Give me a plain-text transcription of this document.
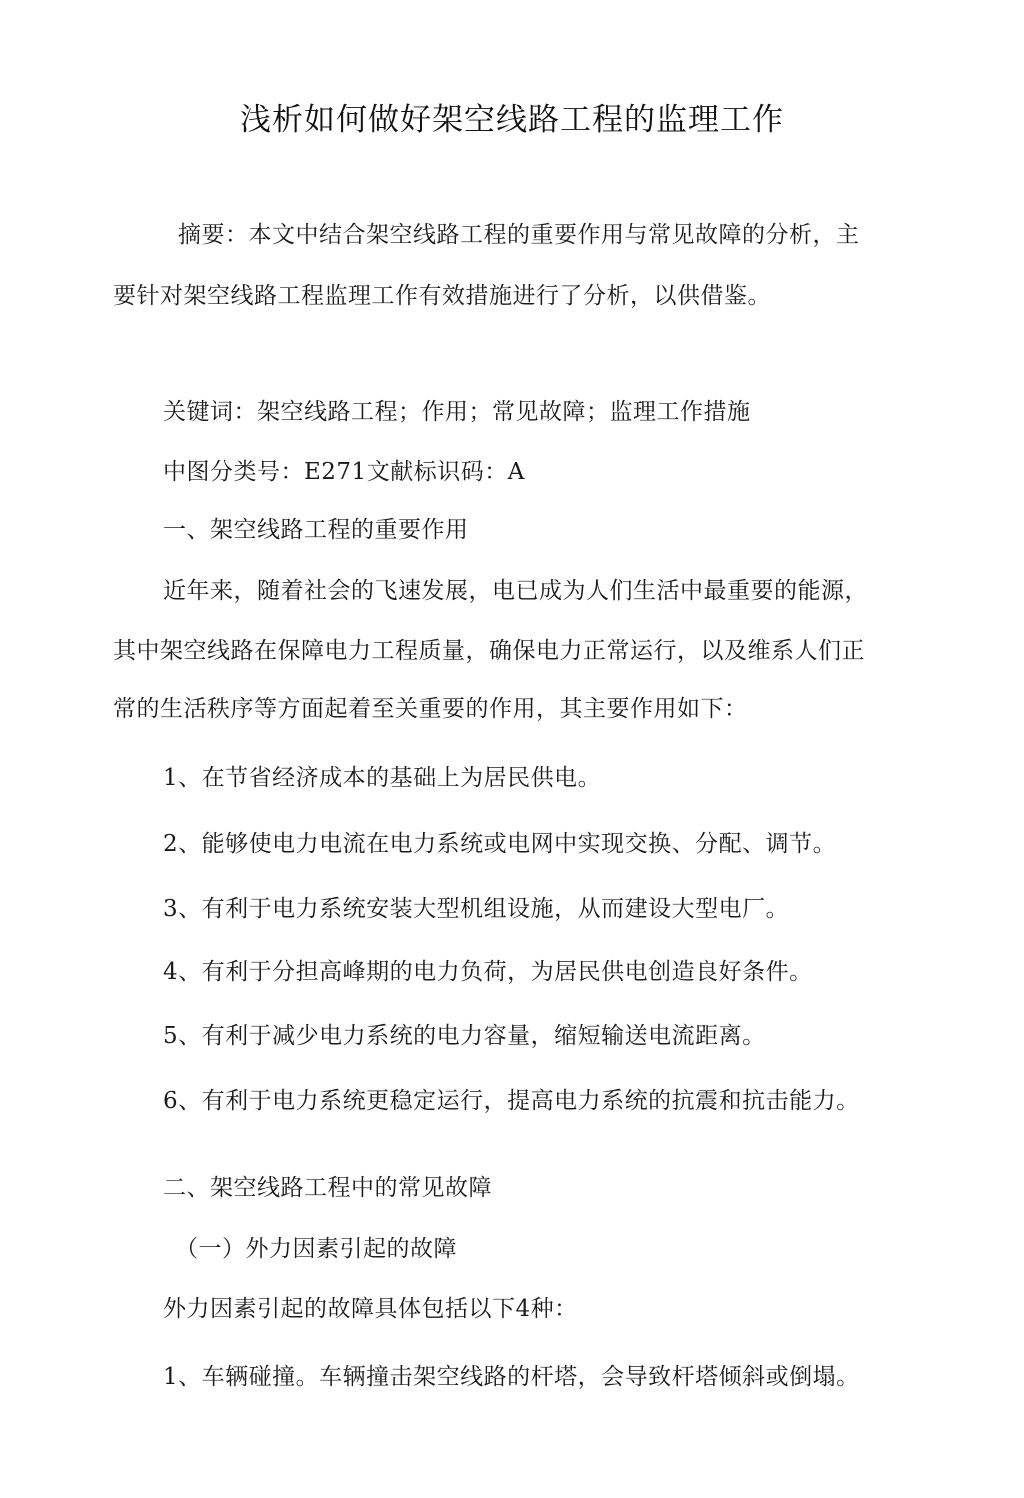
浅析如何做好架空线路工程的监理工作
摘要：本文中结合架空线路工程的重要作用与常见故障的分析，主
要针对架空线路工程监理工作有效措施进行了分析，以供借鉴。
关键词：架空线路工程；作用；常见故障；监理工作措施
中图分类号：E271文献标识码：A
一、架空线路工程的重要作用
近年来，随着社会的飞速发展，电已成为人们生活中最重要的能源，
其中架空线路在保障电力工程质量，确保电力正常运行，以及维系人们正
常的生活秩序等方面起着至关重要的作用，其主要作用如下：
1、在节省经济成本的基础上为居民供电。
2、能够使电力电流在电力系统或电网中实现交换、分配、调节。
3、有利于电力系统安装大型机组设施，从而建设大型电厂。
4、有利于分担高峰期的电力负荷，为居民供电创造良好条件。
5、有利于减少电力系统的电力容量，缩短输送电流距离。
6、有利于电力系统更稳定运行，提高电力系统的抗震和抗击能力。
二、架空线路工程中的常见故障
（一）外力因素引起的故障
外力因素引起的故障具体包括以下4种：
1、车辆碰撞。车辆撞击架空线路的杆塔，会导致杆塔倾斜或倒塌。
